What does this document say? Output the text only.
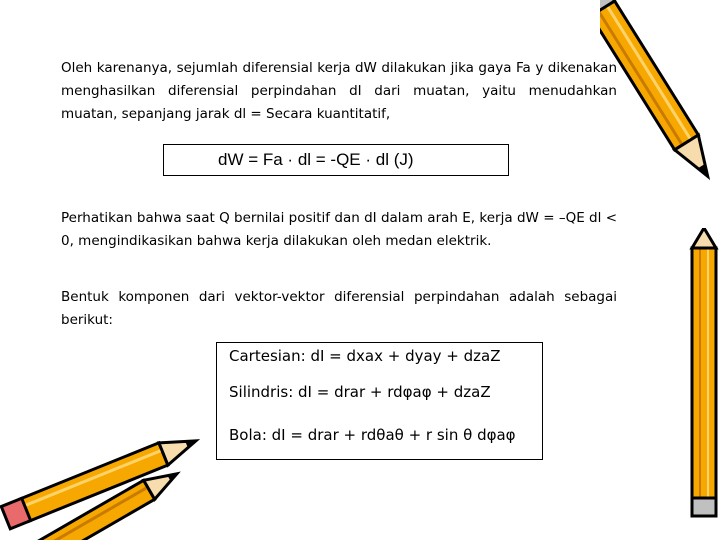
Oleh karenanya, sejumlah diferensial kerja dW dilakukan jika gaya Fa y dikenakan menghasilkan diferensial perpindahan dI dari muatan, yaitu menudahkan muatan, sepanjang jarak dl = Secara kuantitatif,
dW = Fa · dl = -QE · dl (J)
Perhatikan bahwa saat Q bernilai positif dan dI dalam arah E, kerja dW = –QE dl < 0, mengindikasikan bahwa kerja dilakukan oleh medan elektrik.
Bentuk komponen dari vektor-vektor diferensial perpindahan adalah sebagai berikut:
Cartesian: dI = dxax + dyay + dzaZ
Silindris: dI = drar + rdφaφ + dzaZ
Bola: dI = drar + rdθaθ + r sin θ dφaφ
